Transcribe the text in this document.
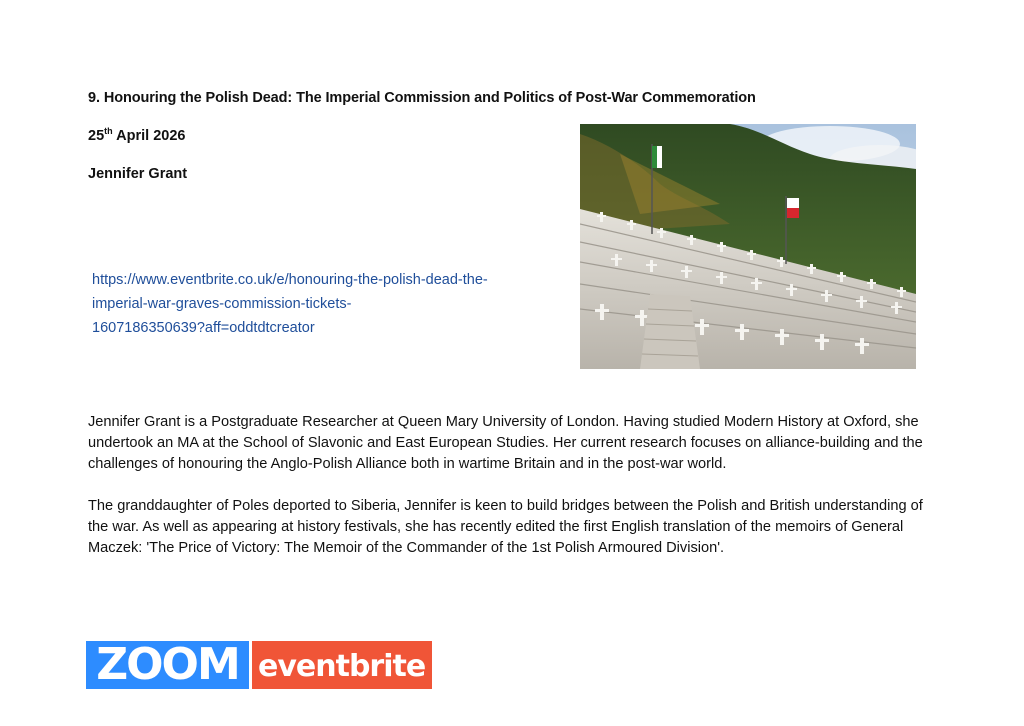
9. Honouring the Polish Dead: The Imperial Commission and Politics of Post-War Commemoration
25th April 2026
Jennifer Grant
https://www.eventbrite.co.uk/e/honouring-the-polish-dead-the-
imperial-war-graves-commission-tickets-
1607186350639?aff=oddtdtcreator

Jennifer Grant is a Postgraduate Researcher at Queen Mary University of London. Having studied Modern History at Oxford, she undertook an MA at the School of Slavonic and East European Studies. Her current research focuses on alliance-building and the challenges of honouring the Anglo-Polish Alliance both in wartime Britain and in the post-war world.

The granddaughter of Poles deported to Siberia, Jennifer is keen to build bridges between the Polish and British understanding of the war. As well as appearing at history festivals, she has recently edited the first English translation of the memoirs of General Maczek: 'The Price of Victory: The Memoir of the Commander of the 1st Polish Armoured Division'.

ZOOM eventbrite
